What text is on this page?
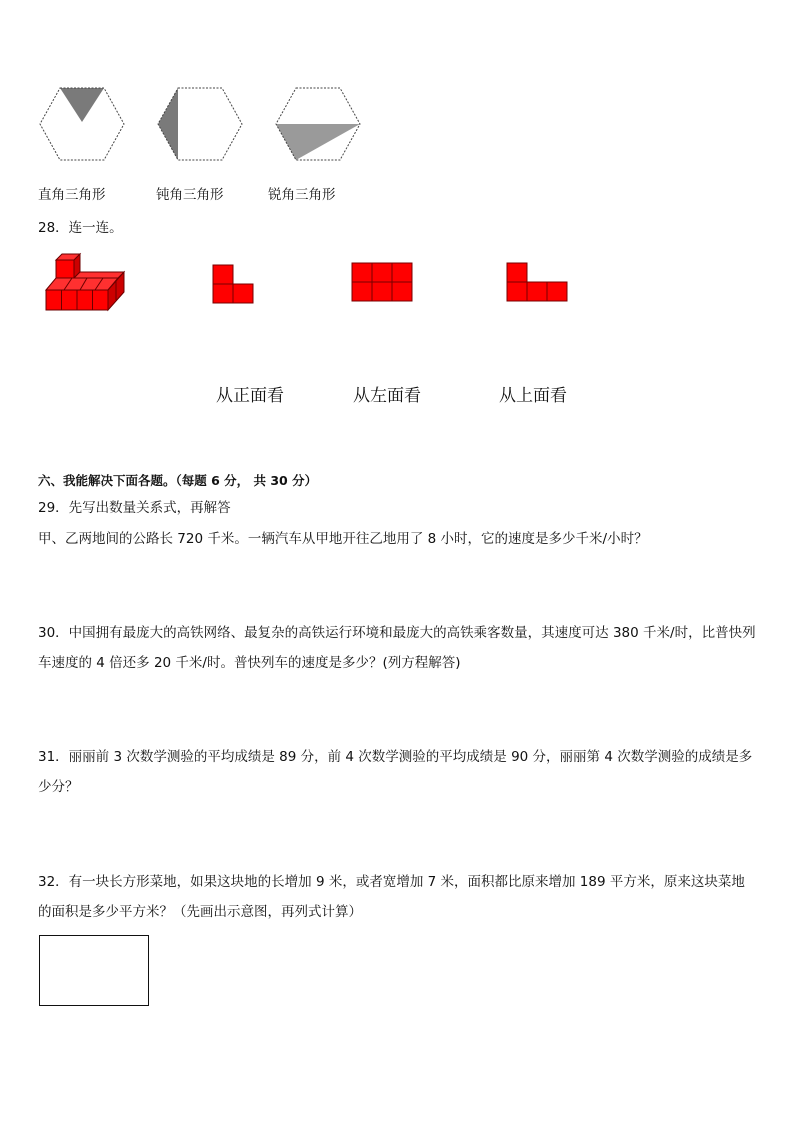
直角三角形	钝角三角形	锐角三角形
28．连一连。
从正面看	从左面看	从上面看
六、我能解决下面各题。（每题 6 分， 共 30 分）
29．先写出数量关系式，再解答
甲、乙两地间的公路长 720 千米。一辆汽车从甲地开往乙地用了 8 小时，它的速度是多少千米/小时？
30．中国拥有最庞大的高铁网络、最复杂的高铁运行环境和最庞大的高铁乘客数量，其速度可达 380 千米/时，比普快列车速度的 4 倍还多 20 千米/时。普快列车的速度是多少？(列方程解答)
31．丽丽前 3 次数学测验的平均成绩是 89 分，前 4 次数学测验的平均成绩是 90 分，丽丽第 4 次数学测验的成绩是多少分？
32．有一块长方形菜地，如果这块地的长增加 9 米，或者宽增加 7 米，面积都比原来增加 189 平方米，原来这块菜地的面积是多少平方米？（先画出示意图，再列式计算）
